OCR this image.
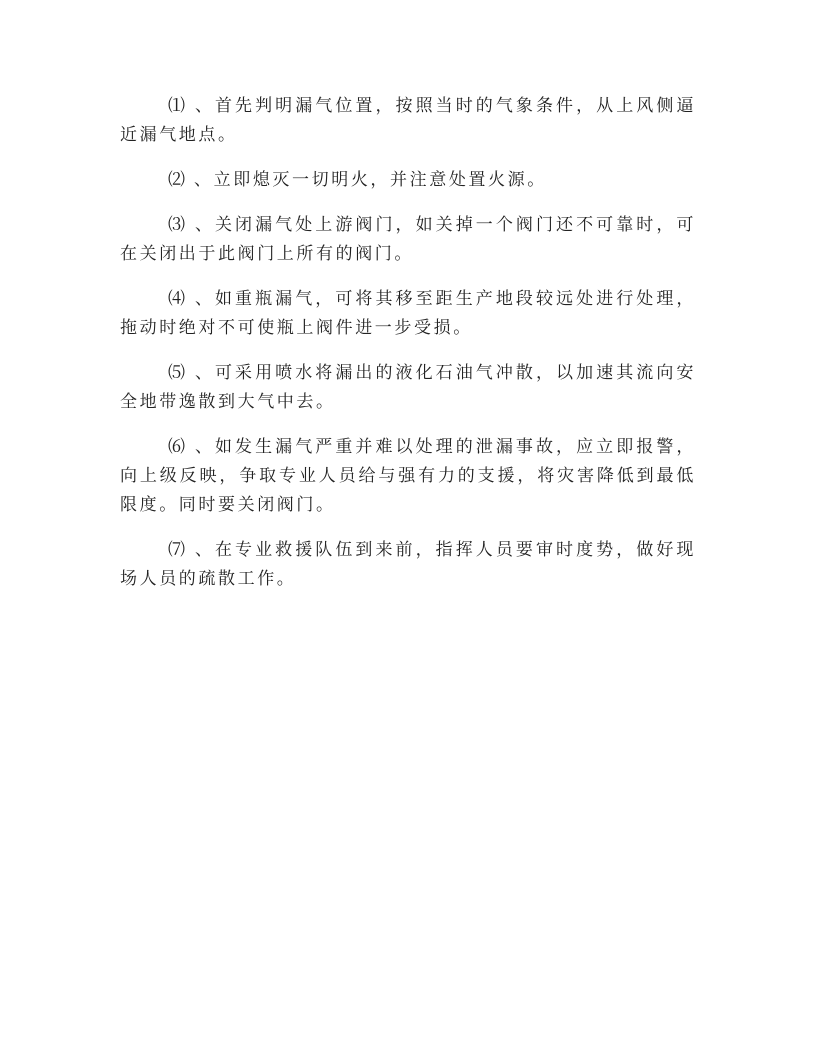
⑴ 、首先判明漏气位置，按照当时的气象条件，从上风侧逼近漏气地点。

⑵ 、立即熄灭一切明火，并注意处置火源。

⑶ 、关闭漏气处上游阀门，如关掉一个阀门还不可靠时，可在关闭出于此阀门上所有的阀门。

⑷ 、如重瓶漏气，可将其移至距生产地段较远处进行处理，拖动时绝对不可使瓶上阀件进一步受损。

⑸ 、可采用喷水将漏出的液化石油气冲散，以加速其流向安全地带逸散到大气中去。

⑹ 、如发生漏气严重并难以处理的泄漏事故，应立即报警，向上级反映，争取专业人员给与强有力的支援，将灾害降低到最低限度。同时要关闭阀门。

⑺ 、在专业救援队伍到来前，指挥人员要审时度势，做好现场人员的疏散工作。
